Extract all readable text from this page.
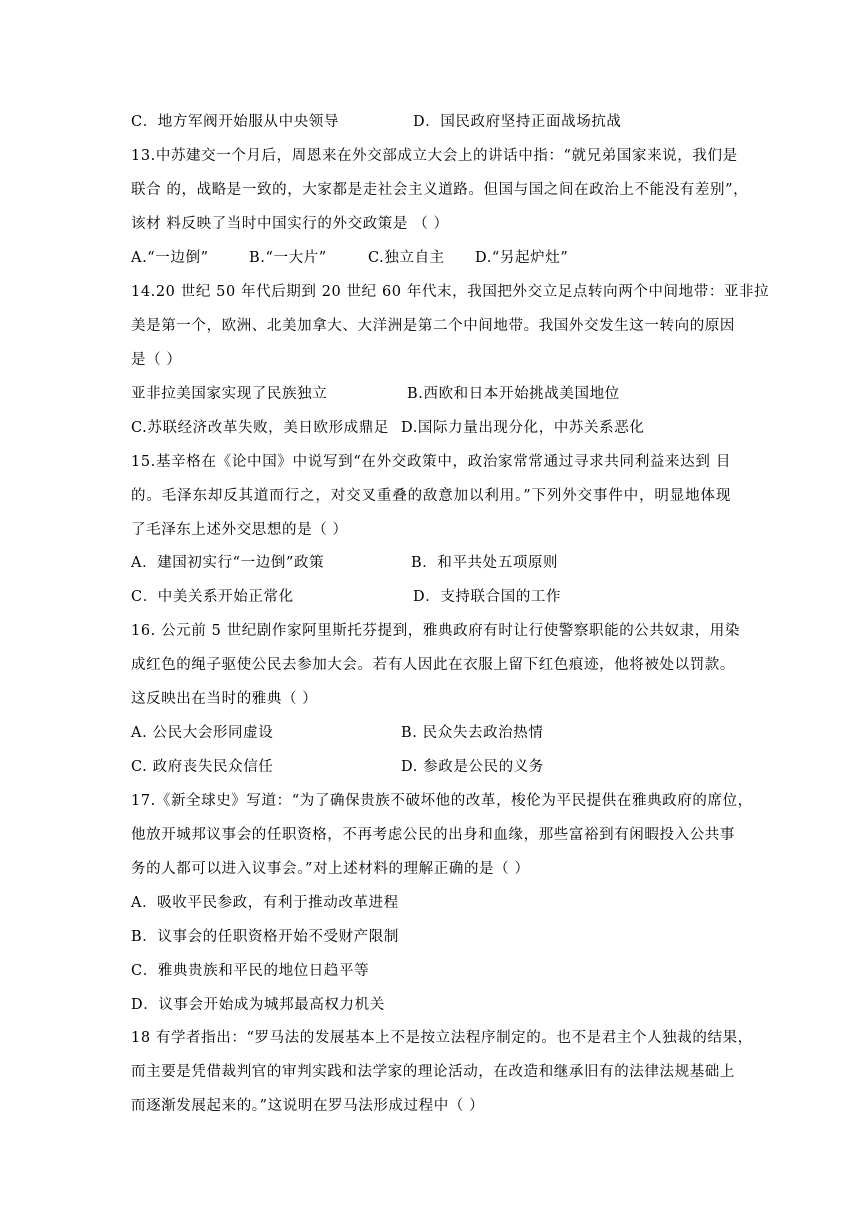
C．地方军阀开始服从中央领导	D．国民政府坚持正面战场抗战
13.中苏建交一个月后，周恩来在外交部成立大会上的讲话中指：“就兄弟国家来说，我们是
联合 的，战略是一致的，大家都是走社会主义道路。但国与国之间在政治上不能没有差别”，
该材 料反映了当时中国实行的外交政策是 （ ）
A.“一边倒”	B.“一大片”	C.独立自主 D.“另起炉灶”
14.20 世纪 50 年代后期到 20 世纪 60 年代末，我国把外交立足点转向两个中间地带：亚非拉
美是第一个，欧洲、北美加拿大、大洋洲是第二个中间地带。我国外交发生这一转向的原因
是（ ）
亚非拉美国家实现了民族独立	B.西欧和日本开始挑战美国地位
C.苏联经济改革失败，美日欧形成鼎足 D.国际力量出现分化，中苏关系恶化
15.基辛格在《论中国》中说写到“在外交政策中，政治家常常通过寻求共同利益来达到 目
的。毛泽东却反其道而行之，对交叉重叠的敌意加以利用。”下列外交事件中，明显地体现
了毛泽东上述外交思想的是（ ）
A．建国初实行“一边倒”政策	B．和平共处五项原则
C．中美关系开始正常化	D．支持联合国的工作
16. 公元前 5 世纪剧作家阿里斯托芬提到，雅典政府有时让行使警察职能的公共奴隶，用染
成红色的绳子驱使公民去参加大会。若有人因此在衣服上留下红色痕迹，他将被处以罚款。
这反映出在当时的雅典（ ）
A. 公民大会形同虚设	B. 民众失去政治热情
C. 政府丧失民众信任	D. 参政是公民的义务
17.《新全球史》写道：“为了确保贵族不破坏他的改革，梭伦为平民提供在雅典政府的席位，
他放开城邦议事会的任职资格，不再考虑公民的出身和血缘，那些富裕到有闲暇投入公共事
务的人都可以进入议事会。”对上述材料的理解正确的是（ ）
A．吸收平民参政，有利于推动改革进程
B．议事会的任职资格开始不受财产限制
C．雅典贵族和平民的地位日趋平等
D．议事会开始成为城邦最高权力机关
18 有学者指出：“罗马法的发展基本上不是按立法程序制定的。也不是君主个人独裁的结果，
而主要是凭借裁判官的审判实践和法学家的理论活动，在改造和继承旧有的法律法规基础上
而逐渐发展起来的。”这说明在罗马法形成过程中（ ）
